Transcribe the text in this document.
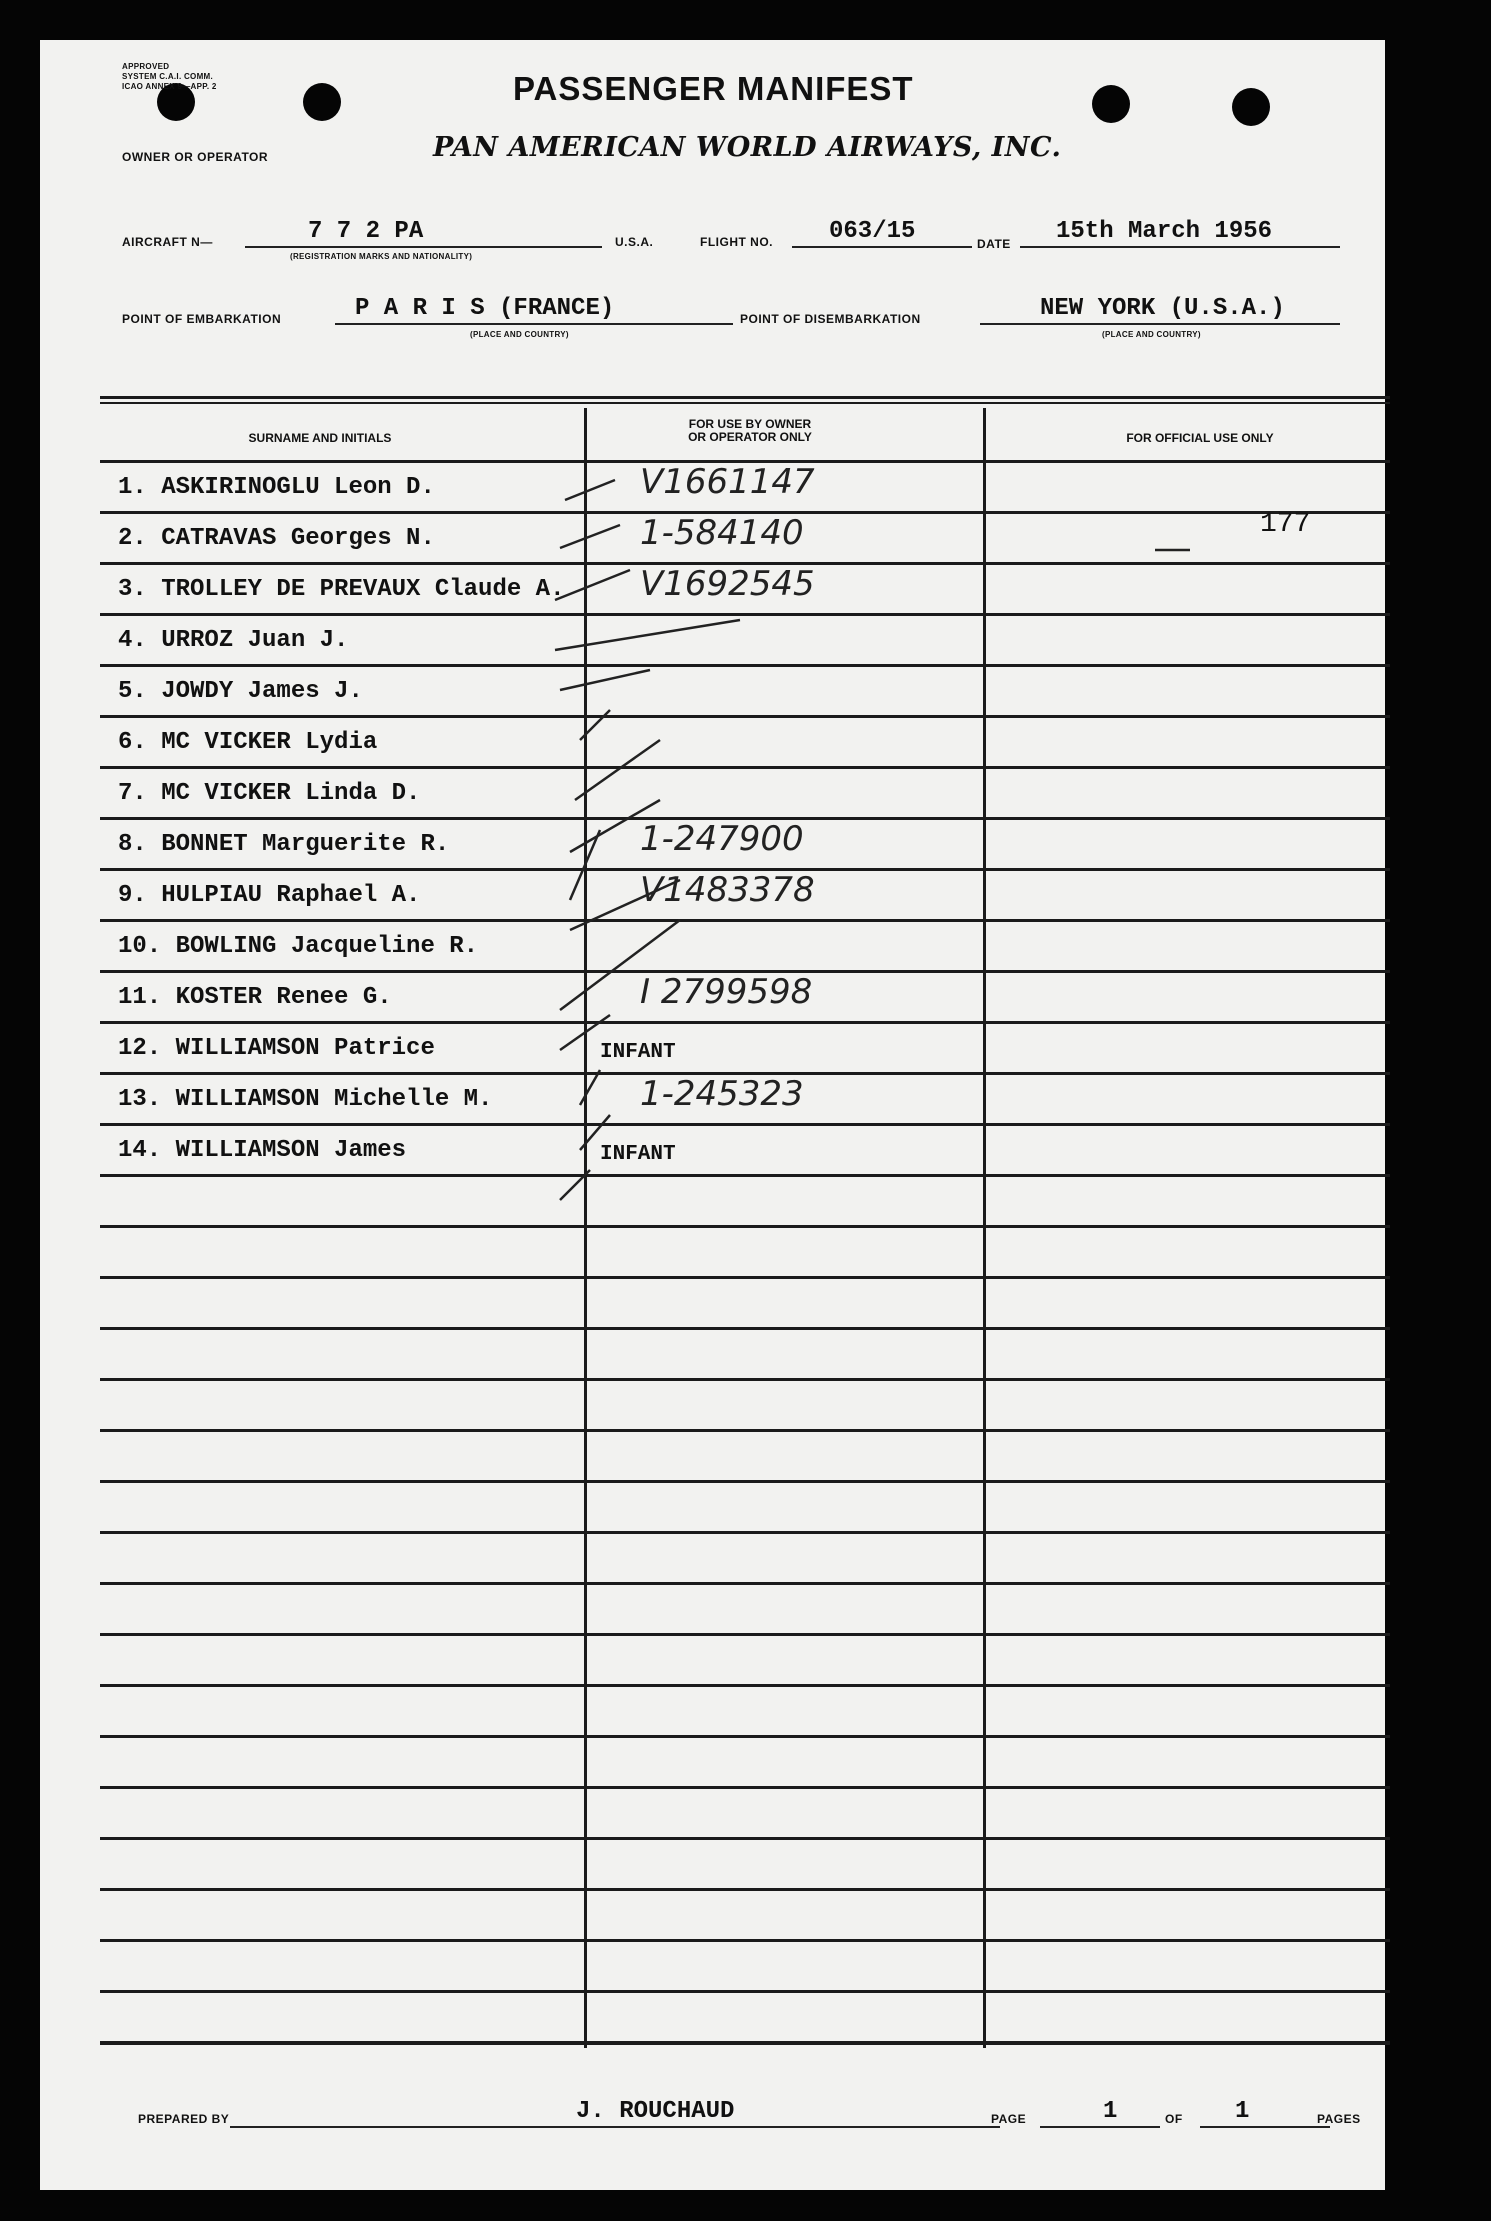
APPROVED
SYSTEM C.A.I. COMM.
ICAO ANNEX 9—APP. 2	PASSENGER MANIFEST
OWNER OR OPERATOR	PAN AMERICAN WORLD AIRWAYS, INC.
AIRCRAFT N—	7 7 2 PA
(REGISTRATION MARKS AND NATIONALITY)
U.S.A.	FLIGHT NO. 063/15	DATE 15th March 1956
POINT OF EMBARKATION	P A R I S (FRANCE)
(PLACE AND COUNTRY)
POINT OF DISEMBARKATION	NEW YORK (U.S.A.)
(PLACE AND COUNTRY)
SURNAME AND INITIALS
FOR USE BY OWNER
OR OPERATOR ONLY	FOR OFFICIAL USE ONLY
1. ASKIRINOGLU Leon D.	V1661147
2. CATRAVAS Georges N.	1-584140	177
3. TROLLEY DE PREVAUX Claude A. V1692545
4. URROZ Juan J.
5. JOWDY James J.
6. MC VICKER Lydia
7. MC VICKER Linda D.
8. BONNET Marguerite R.	1-247900
9. HULPIAU Raphael A.	V1483378
10. BOWLING Jacqueline R.
11. KOSTER Renee G.	I 2799598
12. WILLIAMSON Patrice	INFANT
13. WILLIAMSON Michelle M.	1-245323
14. WILLIAMSON James	INFANT
PREPARED BY	J. ROUCHAUD	PAGE	1	OF 1	PAGES
